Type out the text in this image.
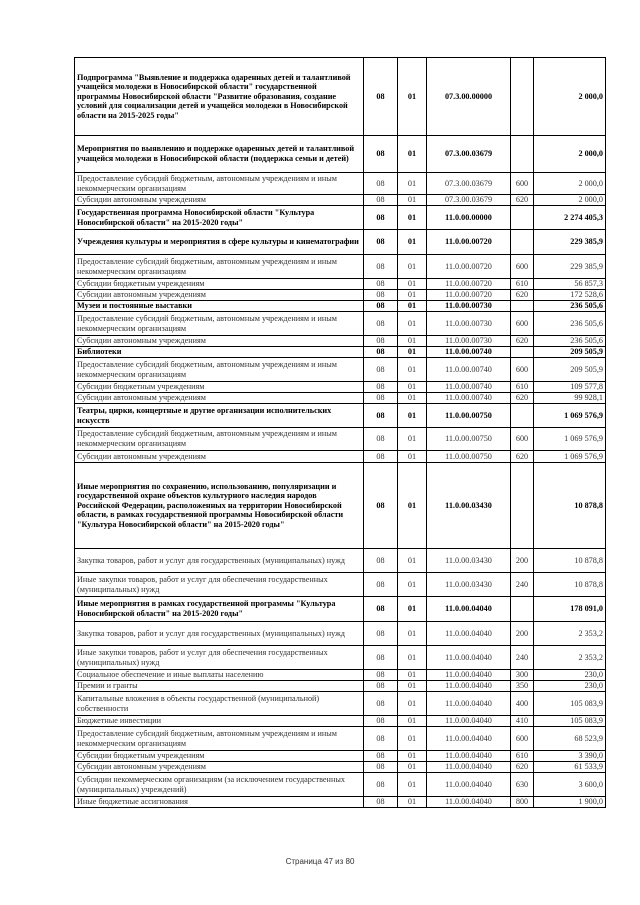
Подпрограмма "Выявление и поддержка одаренных детей и талантливой учащейся молодежи в Новосибирской области" государственной программы Новосибирской области "Развитие образования, создание условий для социализации детей и учащейся молодежи в Новосибирской области на 2015-2025 годы"	08	01	07.3.00.00000		2 000,0
Мероприятия по выявлению и поддержке одаренных детей и талантливой учащейся молодежи в Новосибирской области (поддержка семьи и детей)	08	01	07.3.00.03679		2 000,0
Предоставление субсидий бюджетным, автономным учреждениям и иным некоммерческим организациям	08	01	07.3.00.03679	600	2 000,0
Субсидии автономным учреждениям	08	01	07.3.00.03679	620	2 000,0
Государственная программа Новосибирской области "Культура Новосибирской области" на 2015-2020 годы"	08	01	11.0.00.00000		2 274 405,3
Учреждения культуры и мероприятия в сфере культуры и кинематографии	08	01	11.0.00.00720		229 385,9
Предоставление субсидий бюджетным, автономным учреждениям и иным некоммерческим организациям	08	01	11.0.00.00720	600	229 385,9
Субсидии бюджетным учреждениям	08	01	11.0.00.00720	610	56 857,3
Субсидии автономным учреждениям	08	01	11.0.00.00720	620	172 528,6
Музеи и постоянные выставки	08	01	11.0.00.00730		236 505,6
Предоставление субсидий бюджетным, автономным учреждениям и иным некоммерческим организациям	08	01	11.0.00.00730	600	236 505,6
Субсидии автономным учреждениям	08	01	11.0.00.00730	620	236 505,6
Библиотеки	08	01	11.0.00.00740		209 505,9
Предоставление субсидий бюджетным, автономным учреждениям и иным некоммерческим организациям	08	01	11.0.00.00740	600	209 505,9
Субсидии бюджетным учреждениям	08	01	11.0.00.00740	610	109 577,8
Субсидии автономным учреждениям	08	01	11.0.00.00740	620	99 928,1
Театры, цирки, концертные и другие организации исполнительских искусств	08	01	11.0.00.00750		1 069 576,9
Предоставление субсидий бюджетным, автономным учреждениям и иным некоммерческим организациям	08	01	11.0.00.00750	600	1 069 576,9
Субсидии автономным учреждениям	08	01	11.0.00.00750	620	1 069 576,9
Иные мероприятия по сохранению, использованию, популяризации и государственной охране объектов культурного наследия народов Российской Федерации, расположенных на территории Новосибирской области, в рамках государственной программы Новосибирской области "Культура Новосибирской области" на 2015-2020 годы"	08	01	11.0.00.03430		10 878,8
Закупка товаров, работ и услуг для государственных (муниципальных) нужд	08	01	11.0.00.03430	200	10 878,8
Иные закупки товаров, работ и услуг для обеспечения государственных (муниципальных) нужд	08	01	11.0.00.03430	240	10 878,8
Иные мероприятия в рамках государственной программы "Культура Новосибирской области" на 2015-2020 годы"	08	01	11.0.00.04040		178 091,0
Закупка товаров, работ и услуг для государственных (муниципальных) нужд	08	01	11.0.00.04040	200	2 353,2
Иные закупки товаров, работ и услуг для обеспечения государственных (муниципальных) нужд	08	01	11.0.00.04040	240	2 353,2
Социальное обеспечение и иные выплаты населению	08	01	11.0.00.04040	300	230,0
Премии и гранты	08	01	11.0.00.04040	350	230,0
Капитальные вложения в объекты государственной (муниципальной) собственности	08	01	11.0.00.04040	400	105 083,9
Бюджетные инвестиции	08	01	11.0.00.04040	410	105 083,9
Предоставление субсидий бюджетным, автономным учреждениям и иным некоммерческим организациям	08	01	11.0.00.04040	600	68 523,9
Субсидии бюджетным учреждениям	08	01	11.0.00.04040	610	3 390,0
Субсидии автономным учреждениям	08	01	11.0.00.04040	620	61 533,9
Субсидии некоммерческим организациям (за исключением государственных (муниципальных) учреждений)	08	01	11.0.00.04040	630	3 600,0
Иные бюджетные ассигнования	08	01	11.0.00.04040	800	1 900,0
Страница 47 из 80
